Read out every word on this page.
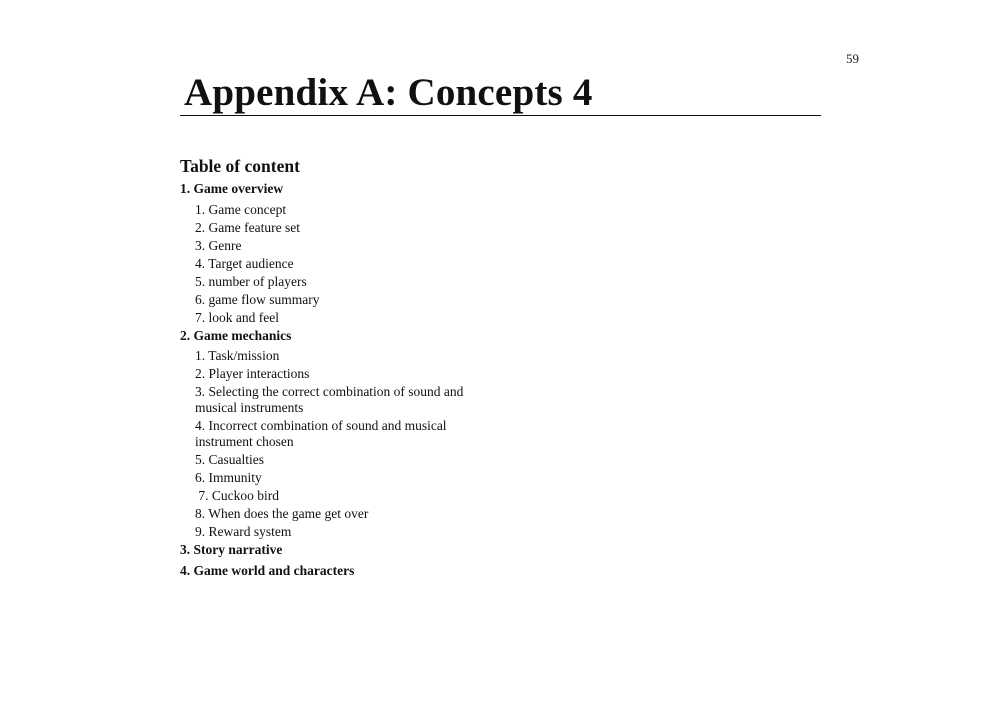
59
Appendix A: Concepts 4
Table of content
1. Game overview
1. Game concept
2. Game feature set
3. Genre
4. Target audience
5. number of players
6. game flow summary
7. look and feel
2. Game mechanics
1. Task/mission
2. Player interactions
3. Selecting the correct combination of sound and musical instruments
4. Incorrect combination of sound and musical instrument chosen
5. Casualties
6. Immunity
7. Cuckoo bird
8. When does the game get over
9. Reward system
3. Story narrative
4. Game world and characters
